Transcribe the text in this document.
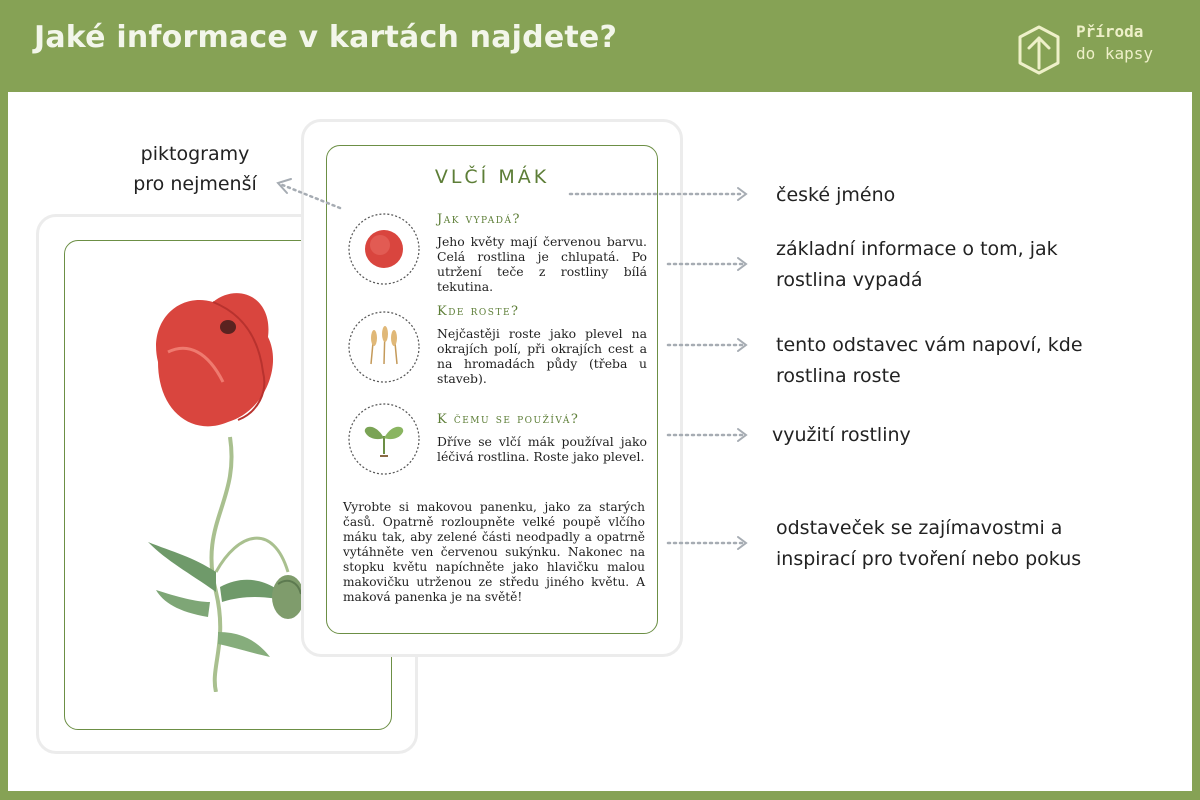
Jaké informace v kartách najdete?	Příroda
do kapsy
VLČÍ MÁK
Jak vypadá?
Jeho květy mají červenou barvu. Celá rostlina je chlupatá. Po utržení teče z rostliny bílá tekutina.
Kde roste?
Nejčastěji roste jako plevel na okrajích polí, při okrajích cest a na hromadách půdy (třeba u staveb).
K čemu se používá?
Dříve se vlčí mák používal jako léčivá rostlina. Roste jako plevel.
Vyrobte si makovou panenku, jako za starých časů. Opatrně rozloupněte velké poupě vlčího máku tak, aby zelené části neodpadly a opatrně vytáhněte ven červenou sukýnku. Nakonec na stopku květu napíchněte jako hlavičku malou makovičku utrženou ze středu jiného květu. A maková panenka je na světě!
piktogramy
pro nejmenší	české jméno
základní informace o tom, jak
rostlina vypadá
tento odstavec vám napoví, kde
rostlina roste
využití rostliny
odstaveček se zajímavostmi a
inspirací pro tvoření nebo pokus
